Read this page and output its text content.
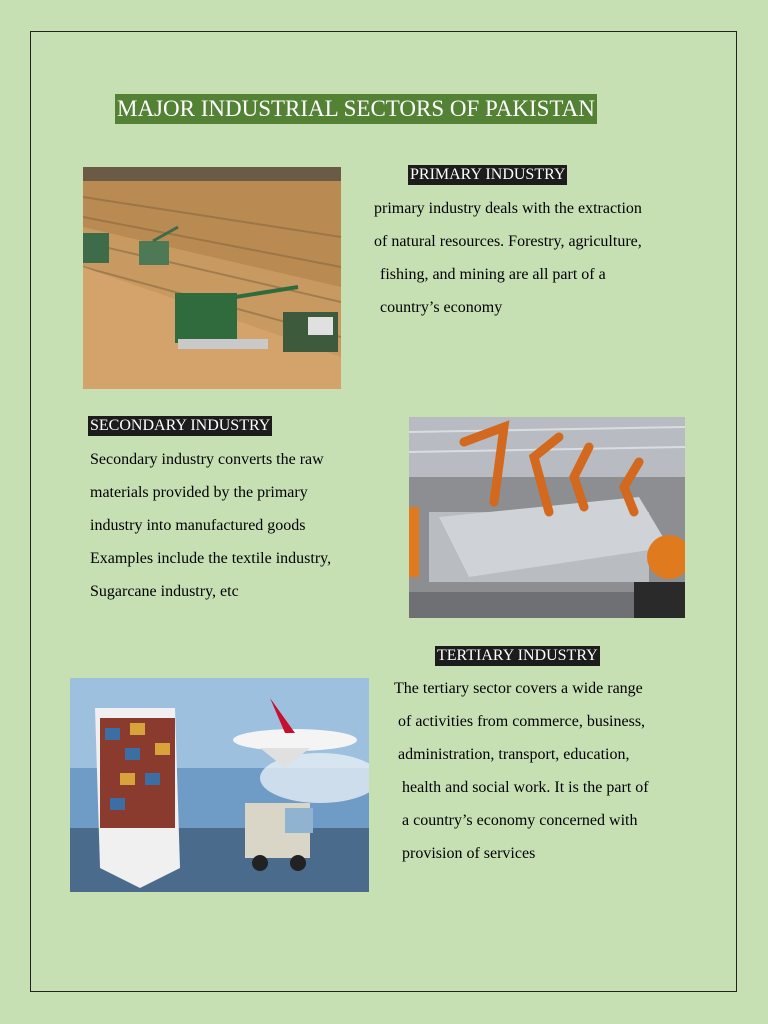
MAJOR INDUSTRIAL SECTORS OF PAKISTAN
PRIMARY INDUSTRY
primary industry deals with the extraction
of natural resources. Forestry, agriculture,
fishing, and mining are all part of a
country’s economy
SECONDARY INDUSTRY
Secondary industry converts the raw
materials provided by the primary
industry into manufactured goods
Examples include the textile industry,
Sugarcane industry, etc
TERTIARY INDUSTRY
The tertiary sector covers a wide range
of activities from commerce, business,
administration, transport, education,
health and social work. It is the part of
a country’s economy concerned with
provision of services
